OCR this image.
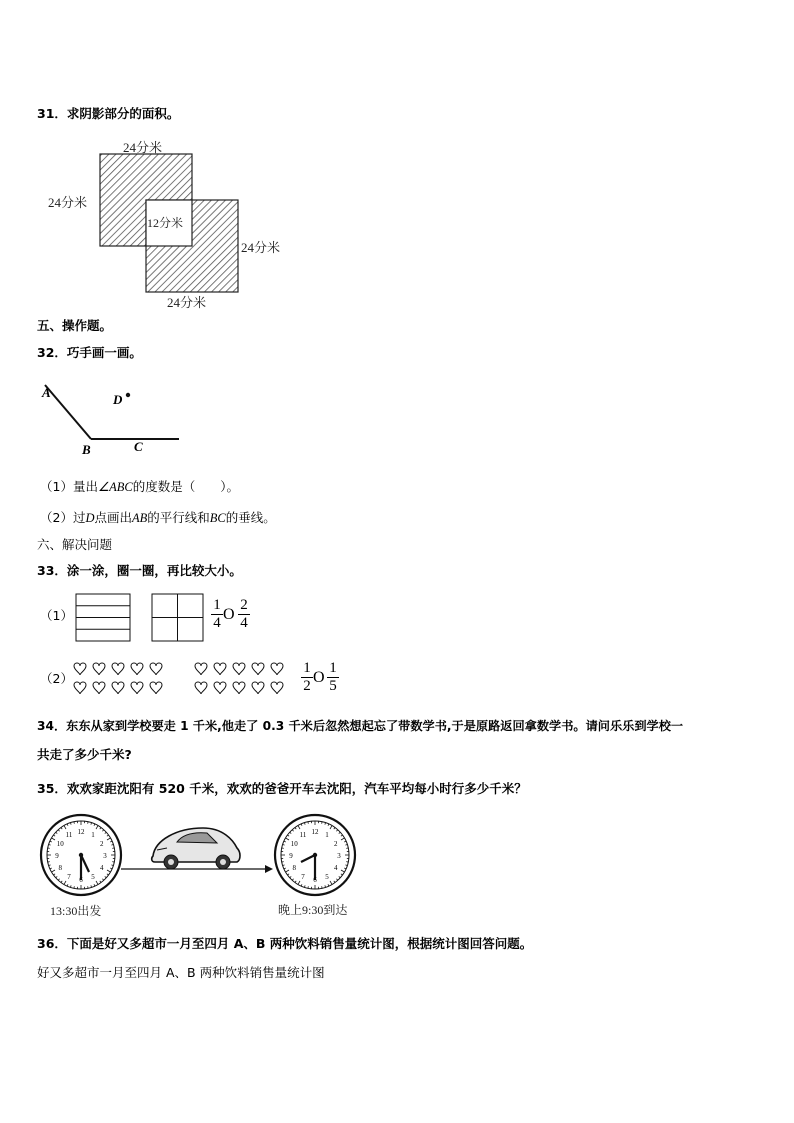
31．求阴影部分的面积。
24分米
24分米
12分米
24分米
24分米
五、操作题。
32．巧手画一画。
A
B	C
D
（1）量出∠ABC的度数是（　　）。
（2）过D点画出AB的平行线和BC的垂线。
六、解决问题
33．涂一涂，圈一圈，再比较大小。
（1）
1
4 O
2
4
（2）
1
2 O
1
5
34．东东从家到学校要走 1 千米,他走了 0.3 千米后忽然想起忘了带数学书,于是原路返回拿数学书。请问乐乐到学校一
共走了多少千米?
35．欢欢家距沈阳有 520 千米，欢欢的爸爸开车去沈阳，汽车平均每小时行多少千米？
12 1
2
3
4
5
6
7
8
9
10
11	12 1
2
3
4
5
6
7
8
9
10
11
13:30出发	晚上9:30到达
36．下面是好又多超市一月至四月 A、B 两种饮料销售量统计图，根据统计图回答问题。
好又多超市一月至四月 A、B 两种饮料销售量统计图
